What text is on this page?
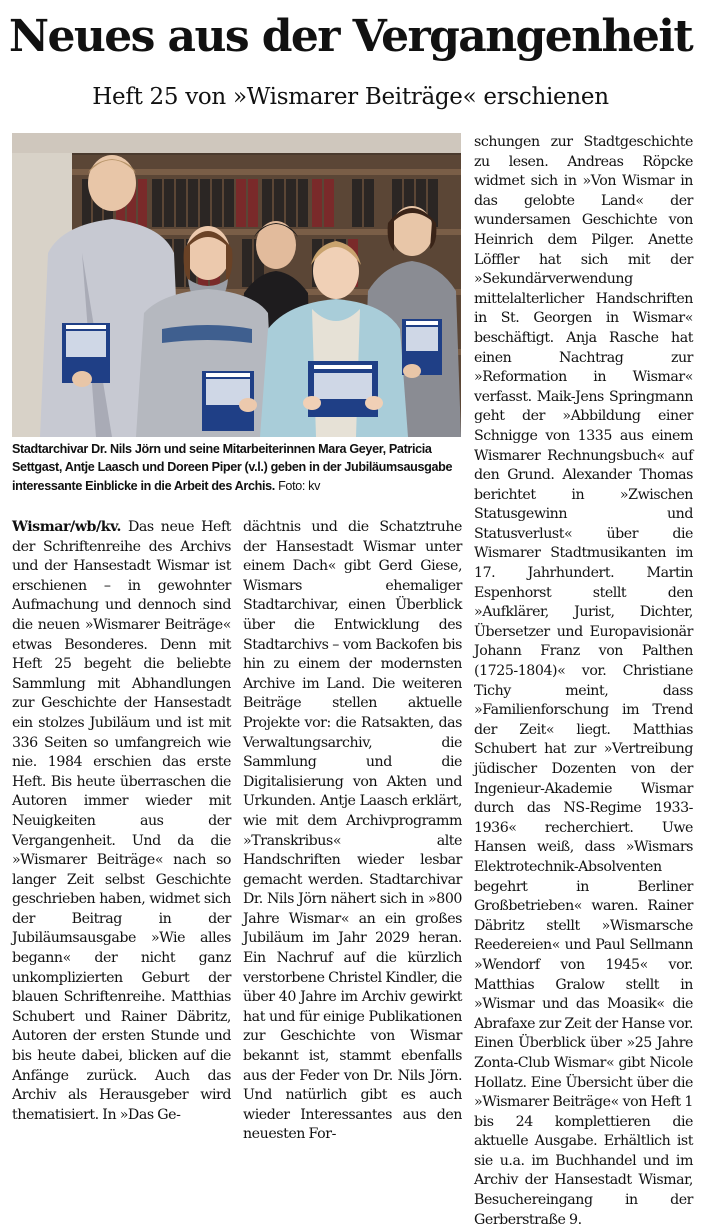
Neues aus der Vergangenheit
Heft 25 von »Wismarer Beiträge« erschienen

Stadtarchivar Dr. Nils Jörn und seine Mitarbeiterinnen Mara Geyer, Patricia Settgast, Antje Laasch und Doreen Piper (v.l.) geben in der Jubiläumsausgabe interessante Einblicke in die Arbeit des Archis. Foto: kv

Wismar/wb/kv. Das neue Heft der Schriftenreihe des Archivs und der Hansestadt Wismar ist erschienen – in gewohnter Aufmachung und dennoch sind die neuen »Wismarer Beiträge« etwas Besonderes. Denn mit Heft 25 begeht die beliebte Sammlung mit Abhandlungen zur Geschichte der Hansestadt ein stolzes Jubiläum und ist mit 336 Seiten so umfangreich wie nie. 1984 erschien das erste Heft. Bis heute überraschen die Autoren immer wieder mit Neuigkeiten aus der Vergangenheit. Und da die »Wismarer Beiträge« nach so langer Zeit selbst Geschichte geschrieben haben, widmet sich der Beitrag in der Jubiläumsausgabe »Wie alles begann« der nicht ganz unkomplizierten Geburt der blauen Schriftenreihe. Matthias Schubert und Rainer Däbritz, Autoren der ersten Stunde und bis heute dabei, blicken auf die Anfänge zurück. Auch das Archiv als Herausgeber wird thematisiert. In »Das Ge-

dächtnis und die Schatztruhe der Hansestadt Wismar unter einem Dach« gibt Gerd Giese, Wismars ehemaliger Stadtarchivar, einen Überblick über die Entwicklung des Stadtarchivs – vom Backofen bis hin zu einem der modernsten Archive im Land. Die weiteren Beiträge stellen aktuelle Projekte vor: die Ratsakten, das Verwaltungsarchiv, die Sammlung und die Digitalisierung von Akten und Urkunden. Antje Laasch erklärt, wie mit dem Archivprogramm »Transkribus« alte Handschriften wieder lesbar gemacht werden. Stadtarchivar Dr. Nils Jörn nähert sich in »800 Jahre Wismar« an ein großes Jubiläum im Jahr 2029 heran. Ein Nachruf auf die kürzlich verstorbene Christel Kindler, die über 40 Jahre im Archiv gewirkt hat und für einige Publikationen zur Geschichte von Wismar bekannt ist, stammt ebenfalls aus der Feder von Dr. Nils Jörn. Und natürlich gibt es auch wieder Interessantes aus den neuesten For-

schungen zur Stadtgeschichte zu lesen. Andreas Röpcke widmet sich in »Von Wismar in das gelobte Land« der wundersamen Geschichte von Heinrich dem Pilger. Anette Löffler hat sich mit der »Sekundärverwendung mittelalterlicher Handschriften in St. Georgen in Wismar« beschäftigt. Anja Rasche hat einen Nachtrag zur »Reformation in Wismar« verfasst. Maik-Jens Springmann geht der »Abbildung einer Schnigge von 1335 aus einem Wismarer Rechnungsbuch« auf den Grund. Alexander Thomas berichtet in »Zwischen Statusgewinn und Statusverlust« über die Wismarer Stadtmusikanten im 17. Jahrhundert. Martin Espenhorst stellt den »Aufklärer, Jurist, Dichter, Übersetzer und Europavisionär Johann Franz von Palthen (1725-1804)« vor. Christiane Tichy meint, dass »Familienforschung im Trend der Zeit« liegt. Matthias Schubert hat zur »Vertreibung jüdischer Dozenten von der Ingenieur-Akademie Wismar durch das NS-Regime 1933-1936« recherchiert. Uwe Hansen weiß, dass »Wismars Elektrotechnik-Absolventen begehrt in Berliner Großbetrieben« waren. Rainer Däbritz stellt »Wismarsche Reedereien« und Paul Sellmann »Wendorf von 1945« vor. Matthias Gralow stellt in »Wismar und das Moasik« die Abrafaxe zur Zeit der Hanse vor. Einen Überblick über »25 Jahre Zonta-Club Wismar« gibt Nicole Hollatz. Eine Übersicht über die »Wismarer Beiträge« von Heft 1 bis 24 komplettieren die aktuelle Ausgabe. Erhältlich ist sie u.a. im Buchhandel und im Archiv der Hansestadt Wismar, Besuchereingang in der Gerberstraße 9.
